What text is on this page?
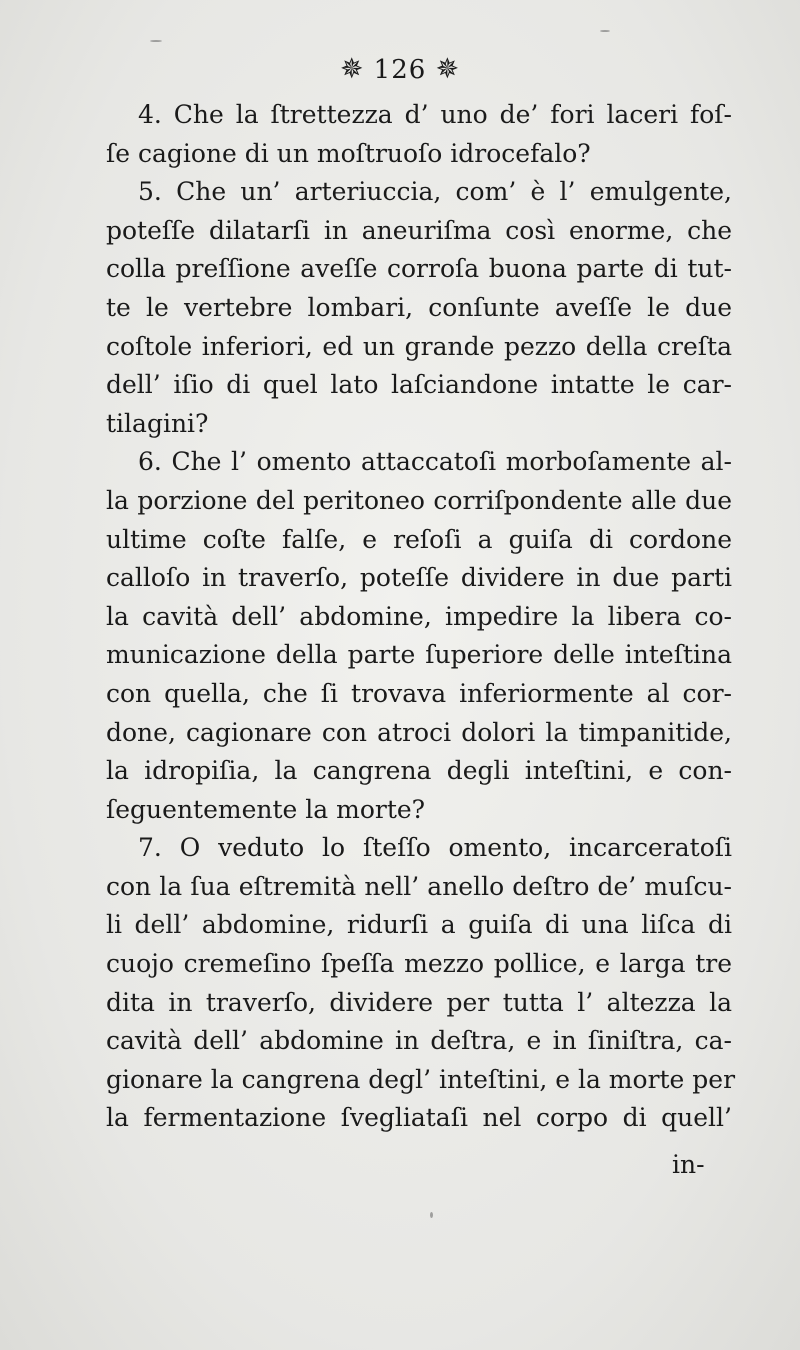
✵ 126 ✵
4. Che la ſtrettezza d’ uno de’ fori laceri foſ-
ſe cagione di un moſtruoſo idrocefalo?
5. Che un’ arteriuccia, com’ è l’ emulgente,
poteſſe dilatarſi in aneuriſma così enorme, che
colla preſſione aveſſe corroſa buona parte di tut-
te le vertebre lombari, conſunte aveſſe le due
coſtole inferiori, ed un grande pezzo della creſta
dell’ iſio di quel lato laſciandone intatte le car-
tilagini?
6. Che l’ omento attaccatoſi morboſamente al-
la porzione del peritoneo corriſpondente alle due
ultime coſte falſe, e reſoſi a guiſa di cordone
calloſo in traverſo, poteſſe dividere in due parti
la cavità dell’ abdomine, impedire la libera co-
municazione della parte ſuperiore delle inteſtina
con quella, che ſi trovava inferiormente al cor-
done, cagionare con atroci dolori la timpanitide,
la idropiſia, la cangrena degli inteſtini, e con-
ſeguentemente la morte?
7. O veduto lo ſteſſo omento, incarceratoſi
con la ſua eſtremità nell’ anello deſtro de’ muſcu-
li dell’ abdomine, ridurſi a guiſa di una liſca di
cuojo cremeſino ſpeſſa mezzo pollice, e larga tre
dita in traverſo, dividere per tutta l’ altezza la
cavità dell’ abdomine in deſtra, e in ſiniſtra, ca-
gionare la cangrena degl’ inteſtini, e la morte per
la fermentazione ſvegliataſi nel corpo di quell’
in-
